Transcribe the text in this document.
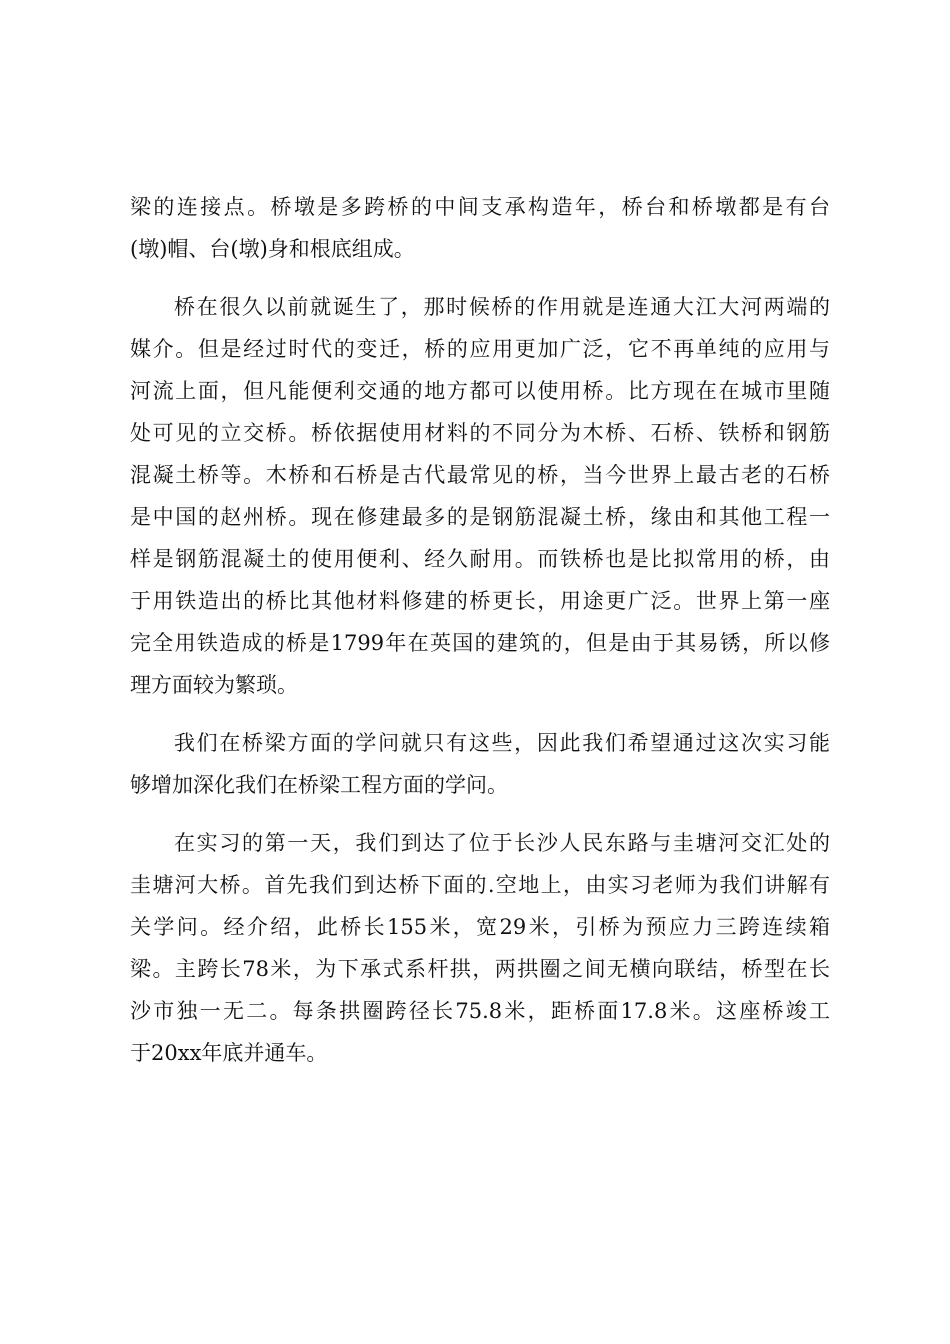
梁的连接点。桥墩是多跨桥的中间支承构造年，桥台和桥墩都是有台
(墩)帽、台(墩)身和根底组成。
桥在很久以前就诞生了，那时候桥的作用就是连通大江大河两端的
媒介。但是经过时代的变迁，桥的应用更加广泛，它不再单纯的应用与
河流上面，但凡能便利交通的地方都可以使用桥。比方现在在城市里随
处可见的立交桥。桥依据使用材料的不同分为木桥、石桥、铁桥和钢筋
混凝土桥等。木桥和石桥是古代最常见的桥，当今世界上最古老的石桥
是中国的赵州桥。现在修建最多的是钢筋混凝土桥，缘由和其他工程一
样是钢筋混凝土的使用便利、经久耐用。而铁桥也是比拟常用的桥，由
于用铁造出的桥比其他材料修建的桥更长，用途更广泛。世界上第一座
完全用铁造成的桥是1799年在英国的建筑的，但是由于其易锈，所以修
理方面较为繁琐。
我们在桥梁方面的学问就只有这些，因此我们希望通过这次实习能
够增加深化我们在桥梁工程方面的学问。
在实习的第一天，我们到达了位于长沙人民东路与圭塘河交汇处的
圭塘河大桥。首先我们到达桥下面的.空地上，由实习老师为我们讲解有
关学问。经介绍，此桥长155米，宽29米，引桥为预应力三跨连续箱
梁。主跨长78米，为下承式系杆拱，两拱圈之间无横向联结，桥型在长
沙市独一无二。每条拱圈跨径长75.8米，距桥面17.8米。这座桥竣工
于20xx年底并通车。
